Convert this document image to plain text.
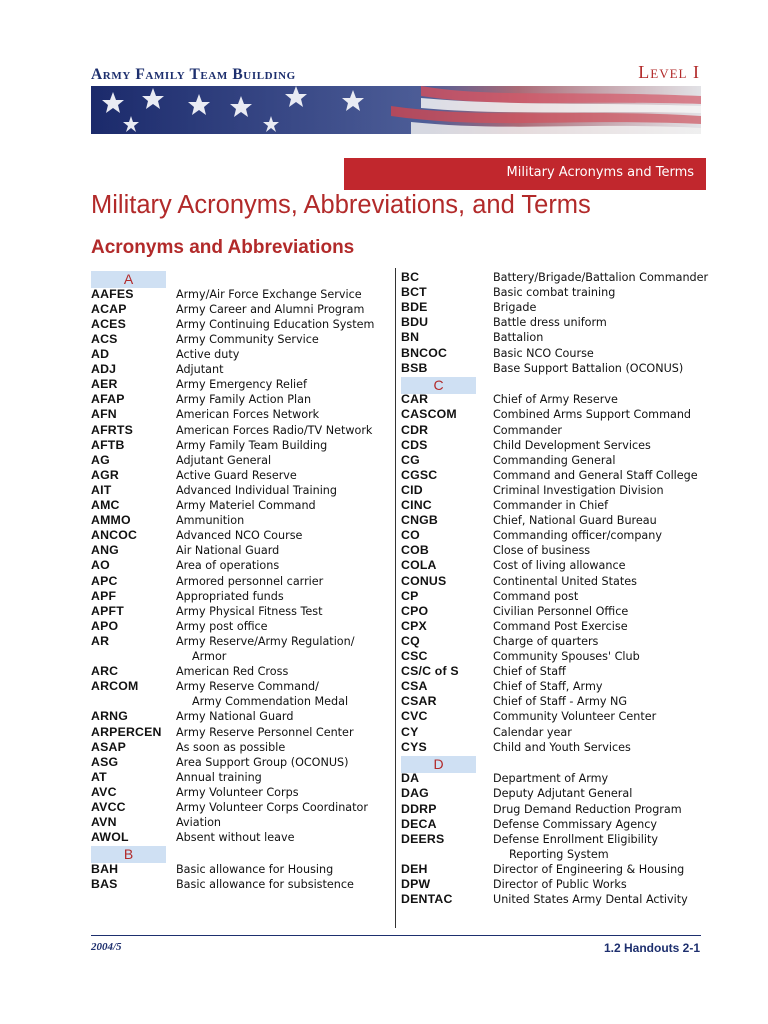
Army Family Team Building	Level I
Military Acronyms and Terms
Military Acronyms, Abbreviations, and Terms
Acronyms and Abbreviations
A
AAFES	Army/Air Force Exchange Service
ACAP	Army Career and Alumni Program
ACES	Army Continuing Education System
ACS	Army Community Service
AD	Active duty
ADJ	Adjutant
AER	Army Emergency Relief
AFAP	Army Family Action Plan
AFN	American Forces Network
AFRTS	American Forces Radio/TV Network
AFTB	Army Family Team Building
AG	Adjutant General
AGR	Active Guard Reserve
AIT	Advanced Individual Training
AMC	Army Materiel Command
AMMO	Ammunition
ANCOC	Advanced NCO Course
ANG	Air National Guard
AO	Area of operations
APC	Armored personnel carrier
APF	Appropriated funds
APFT	Army Physical Fitness Test
APO	Army post office
AR	Army Reserve/Army Regulation/
Armor
ARC	American Red Cross
ARCOM	Army Reserve Command/
Army Commendation Medal
ARNG	Army National Guard
ARPERCEN Army Reserve Personnel Center
ASAP	As soon as possible
ASG	Area Support Group (OCONUS)
AT	Annual training
AVC	Army Volunteer Corps
AVCC	Army Volunteer Corps Coordinator
AVN	Aviation
AWOL	Absent without leave
B
BAH	Basic allowance for Housing
BAS	Basic allowance for subsistence
BC	Battery/Brigade/Battalion Commander
BCT	Basic combat training
BDE	Brigade
BDU	Battle dress uniform
BN	Battalion
BNCOC	Basic NCO Course
BSB	Base Support Battalion (OCONUS)
C
CAR	Chief of Army Reserve
CASCOM	Combined Arms Support Command
CDR	Commander
CDS	Child Development Services
CG	Commanding General
CGSC	Command and General Staff College
CID	Criminal Investigation Division
CINC	Commander in Chief
CNGB	Chief, National Guard Bureau
CO	Commanding officer/company
COB	Close of business
COLA	Cost of living allowance
CONUS	Continental United States
CP	Command post
CPO	Civilian Personnel Office
CPX	Command Post Exercise
CQ	Charge of quarters
CSC	Community Spouses' Club
CS/C of S	Chief of Staff
CSA	Chief of Staff, Army
CSAR	Chief of Staff - Army NG
CVC	Community Volunteer Center
CY	Calendar year
CYS	Child and Youth Services
D
DA	Department of Army
DAG	Deputy Adjutant General
DDRP	Drug Demand Reduction Program
DECA	Defense Commissary Agency
DEERS	Defense Enrollment Eligibility
Reporting System
DEH	Director of Engineering & Housing
DPW	Director of Public Works
DENTAC	United States Army Dental Activity
2004/5	1.2 Handouts 2-1
